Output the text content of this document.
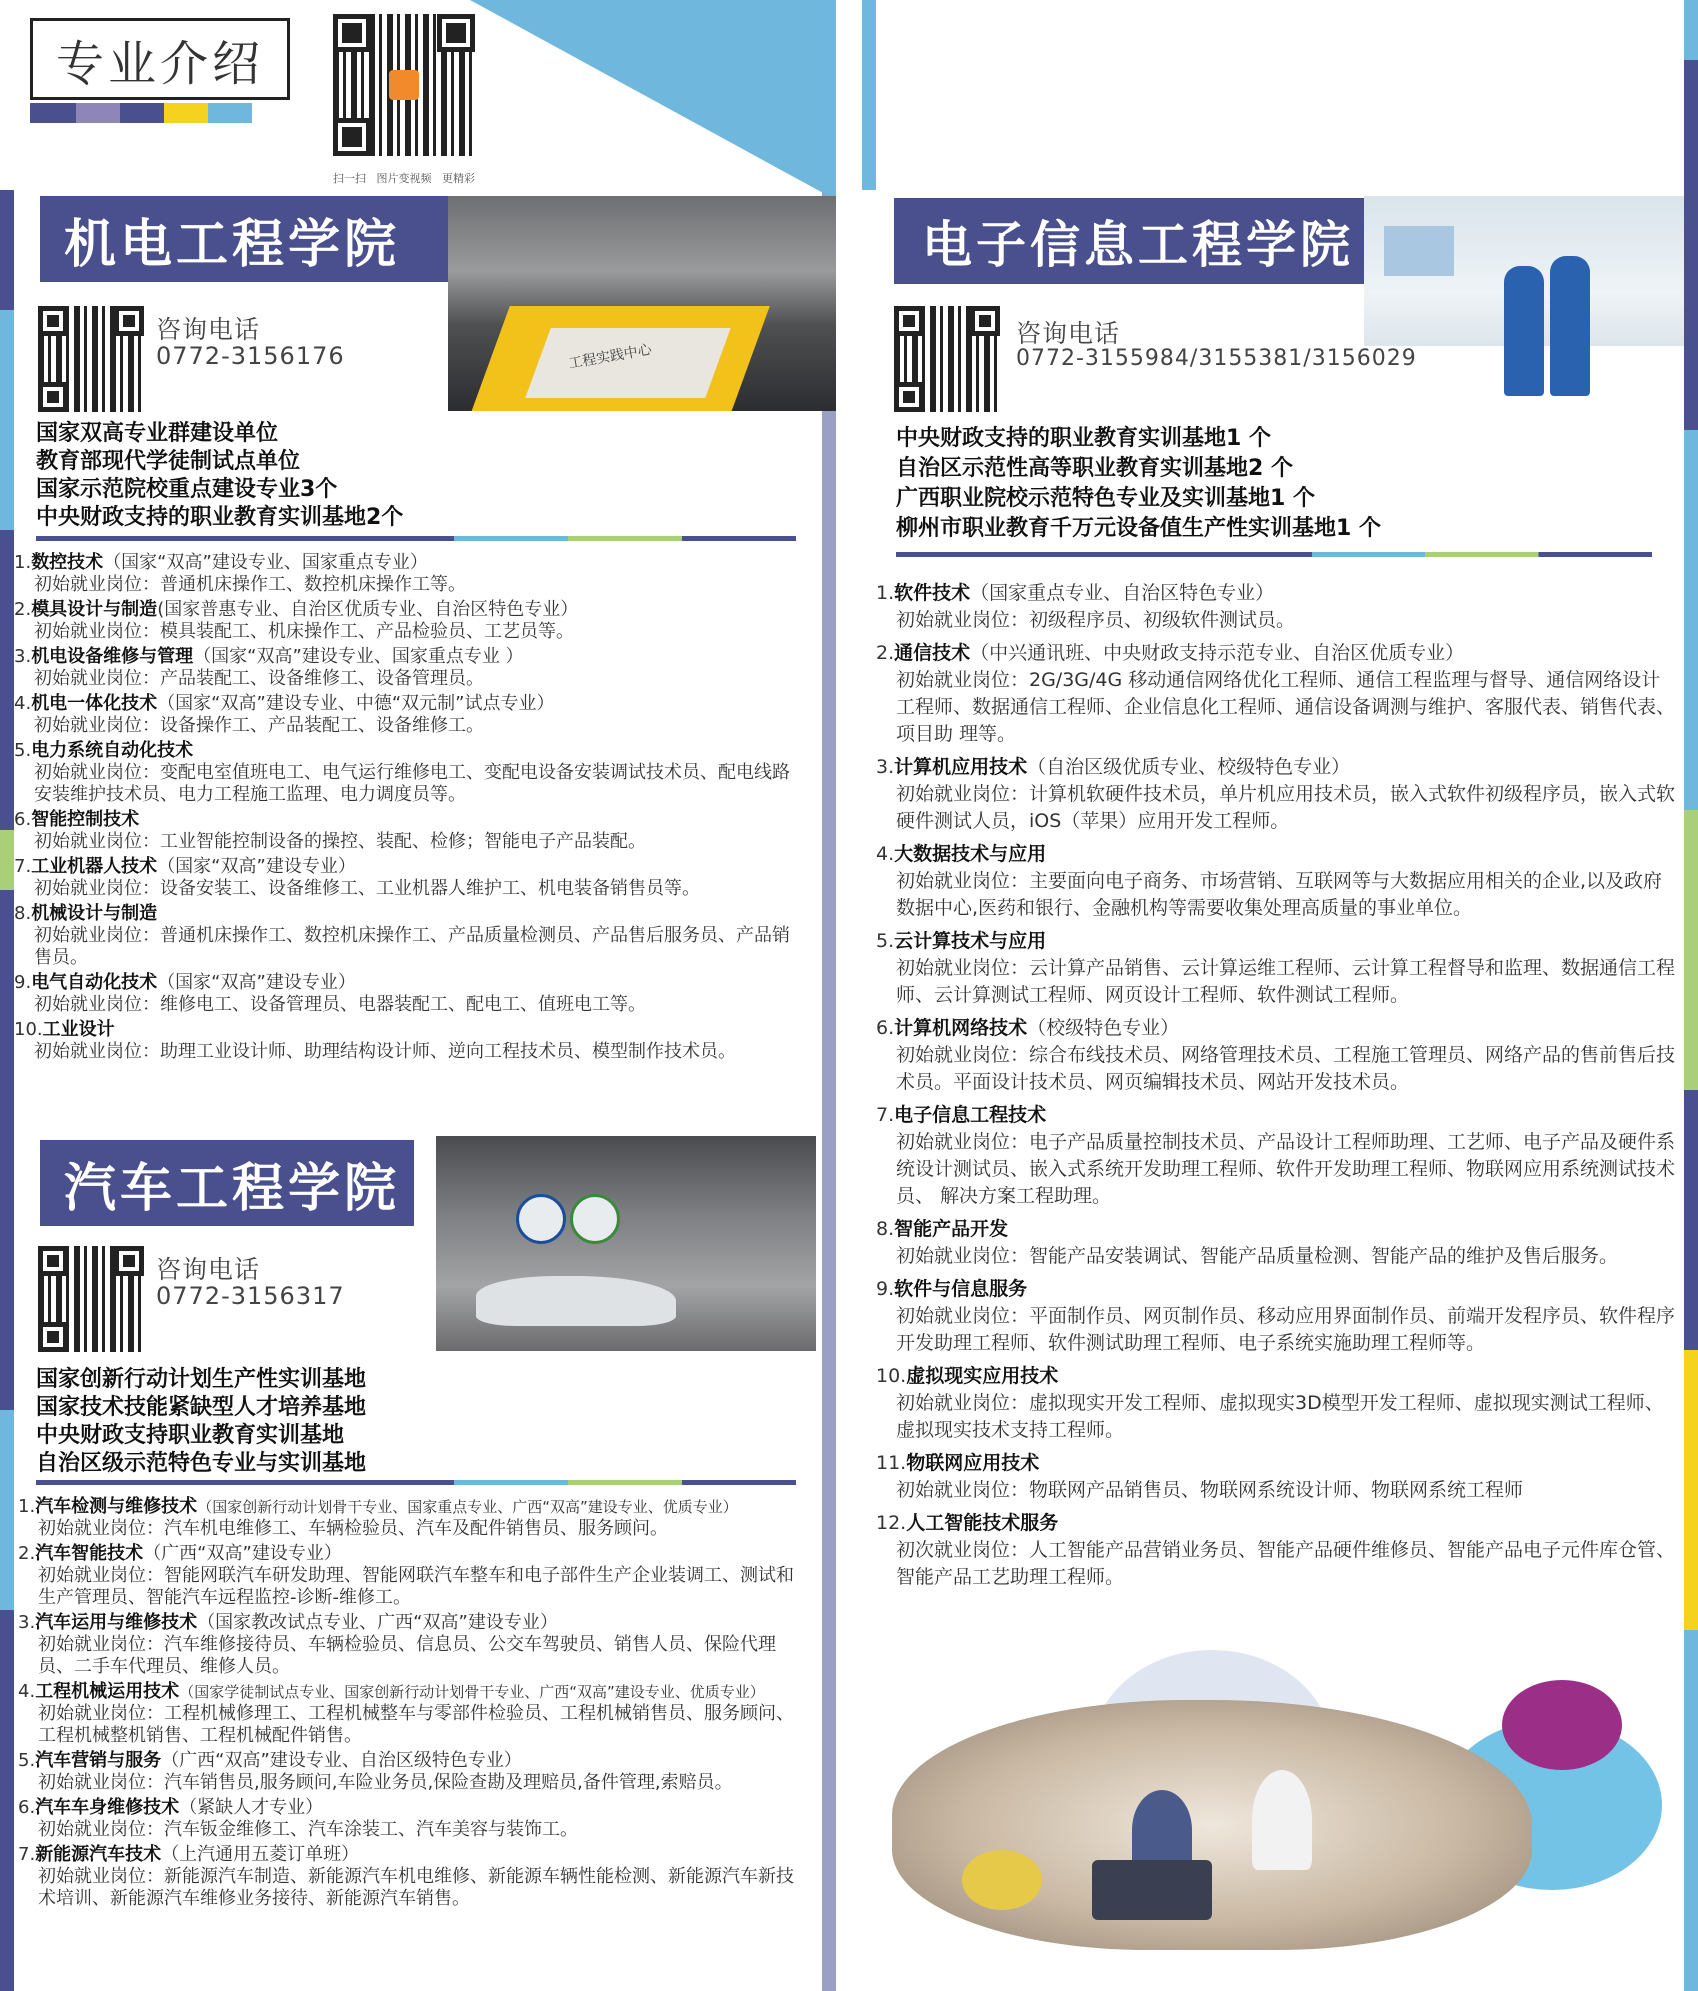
专业介绍
扫一扫   图片变视频   更精彩
机电工程学院
工程实践中心
咨询电话
0772-3156176
国家双高专业群建设单位
教育部现代学徒制试点单位
国家示范院校重点建设专业3个
中央财政支持的职业教育实训基地2个
1.数控技术（国家“双高”建设专业、国家重点专业）
初始就业岗位：普通机床操作工、数控机床操作工等。
2.模具设计与制造(国家普惠专业、自治区优质专业、自治区特色专业）
初始就业岗位：模具装配工、机床操作工、产品检验员、工艺员等。
3.机电设备维修与管理（国家“双高”建设专业、国家重点专业 ）
初始就业岗位：产品装配工、设备维修工、设备管理员。
4.机电一体化技术（国家“双高”建设专业、中德“双元制”试点专业）
初始就业岗位：设备操作工、产品装配工、设备维修工。
5.电力系统自动化技术
初始就业岗位：变配电室值班电工、电气运行维修电工、变配电设备安装调试技术员、配电线路安装维护技术员、电力工程施工监理、电力调度员等。
6.智能控制技术
初始就业岗位：工业智能控制设备的操控、装配、检修；智能电子产品装配。
7.工业机器人技术（国家“双高”建设专业）
初始就业岗位：设备安装工、设备维修工、工业机器人维护工、机电装备销售员等。
8.机械设计与制造
初始就业岗位：普通机床操作工、数控机床操作工、产品质量检测员、产品售后服务员、产品销售员。
9.电气自动化技术（国家“双高”建设专业）
初始就业岗位：维修电工、设备管理员、电器装配工、配电工、值班电工等。
10.工业设计
初始就业岗位：助理工业设计师、助理结构设计师、逆向工程技术员、模型制作技术员。
汽车工程学院
咨询电话
0772-3156317
国家创新行动计划生产性实训基地
国家技术技能紧缺型人才培养基地
中央财政支持职业教育实训基地
自治区级示范特色专业与实训基地
1.汽车检测与维修技术（国家创新行动计划骨干专业、国家重点专业、广西“双高”建设专业、优质专业）
初始就业岗位：汽车机电维修工、车辆检验员、汽车及配件销售员、服务顾问。
2.汽车智能技术（广西“双高”建设专业）
初始就业岗位：智能网联汽车研发助理、智能网联汽车整车和电子部件生产企业装调工、测试和生产管理员、智能汽车远程监控-诊断-维修工。
3.汽车运用与维修技术（国家教改试点专业、广西“双高”建设专业）
初始就业岗位：汽车维修接待员、车辆检验员、信息员、公交车驾驶员、销售人员、保险代理 员、二手车代理员、维修人员。
4.工程机械运用技术（国家学徒制试点专业、国家创新行动计划骨干专业、广西“双高”建设专业、优质专业）
初始就业岗位：工程机械修理工、工程机械整车与零部件检验员、工程机械销售员、服务顾问、工程机械整机销售、工程机械配件销售。
5.汽车营销与服务（广西“双高”建设专业、自治区级特色专业）
初始就业岗位：汽车销售员,服务顾问,车险业务员,保险查勘及理赔员,备件管理,索赔员。
6.汽车车身维修技术（紧缺人才专业）
初始就业岗位：汽车钣金维修工、汽车涂装工、汽车美容与装饰工。
7.新能源汽车技术（上汽通用五菱订单班）
初始就业岗位：新能源汽车制造、新能源汽车机电维修、新能源车辆性能检测、新能源汽车新技术培训、新能源汽车维修业务接待、新能源汽车销售。
电子信息工程学院
咨询电话
0772-3155984/3155381/3156029
中央财政支持的职业教育实训基地1 个
自治区示范性高等职业教育实训基地2 个
广西职业院校示范特色专业及实训基地1 个
柳州市职业教育千万元设备值生产性实训基地1 个
1.软件技术（国家重点专业、自治区特色专业）
初始就业岗位：初级程序员、初级软件测试员。
2.通信技术（中兴通讯班、中央财政支持示范专业、自治区优质专业）
初始就业岗位：2G/3G/4G 移动通信网络优化工程师、通信工程监理与督导、通信网络设计工程师、数据通信工程师、企业信息化工程师、通信设备调测与维护、客服代表、销售代表、项目助 理等。
3.计算机应用技术（自治区级优质专业、校级特色专业）
初始就业岗位：计算机软硬件技术员，单片机应用技术员，嵌入式软件初级程序员，嵌入式软 硬件测试人员，iOS（苹果）应用开发工程师。
4.大数据技术与应用
初始就业岗位：主要面向电子商务、市场营销、互联网等与大数据应用相关的企业,以及政府数据中心,医药和银行、金融机构等需要收集处理高质量的事业单位。
5.云计算技术与应用
初始就业岗位：云计算产品销售、云计算运维工程师、云计算工程督导和监理、数据通信工程 师、云计算测试工程师、网页设计工程师、软件测试工程师。
6.计算机网络技术（校级特色专业）
初始就业岗位：综合布线技术员、网络管理技术员、工程施工管理员、网络产品的售前售后技 术员。平面设计技术员、网页编辑技术员、网站开发技术员。
7.电子信息工程技术
初始就业岗位：电子产品质量控制技术员、产品设计工程师助理、工艺师、电子产品及硬件系 统设计测试员、嵌入式系统开发助理工程师、软件开发助理工程师、物联网应用系统测试技术员、 解决方案工程助理。
8.智能产品开发
初始就业岗位：智能产品安装调试、智能产品质量检测、智能产品的维护及售后服务。
9.软件与信息服务
初始就业岗位：平面制作员、网页制作员、移动应用界面制作员、前端开发程序员、软件程序开发助理工程师、软件测试助理工程师、电子系统实施助理工程师等。
10.虚拟现实应用技术
初始就业岗位：虚拟现实开发工程师、虚拟现实3D模型开发工程师、虚拟现实测试工程师、虚拟现实技术支持工程师。
11.物联网应用技术
初始就业岗位：物联网产品销售员、物联网系统设计师、物联网系统工程师
12.人工智能技术服务
初次就业岗位：人工智能产品营销业务员、智能产品硬件维修员、智能产品电子元件库仓管、智能产品工艺助理工程师。
